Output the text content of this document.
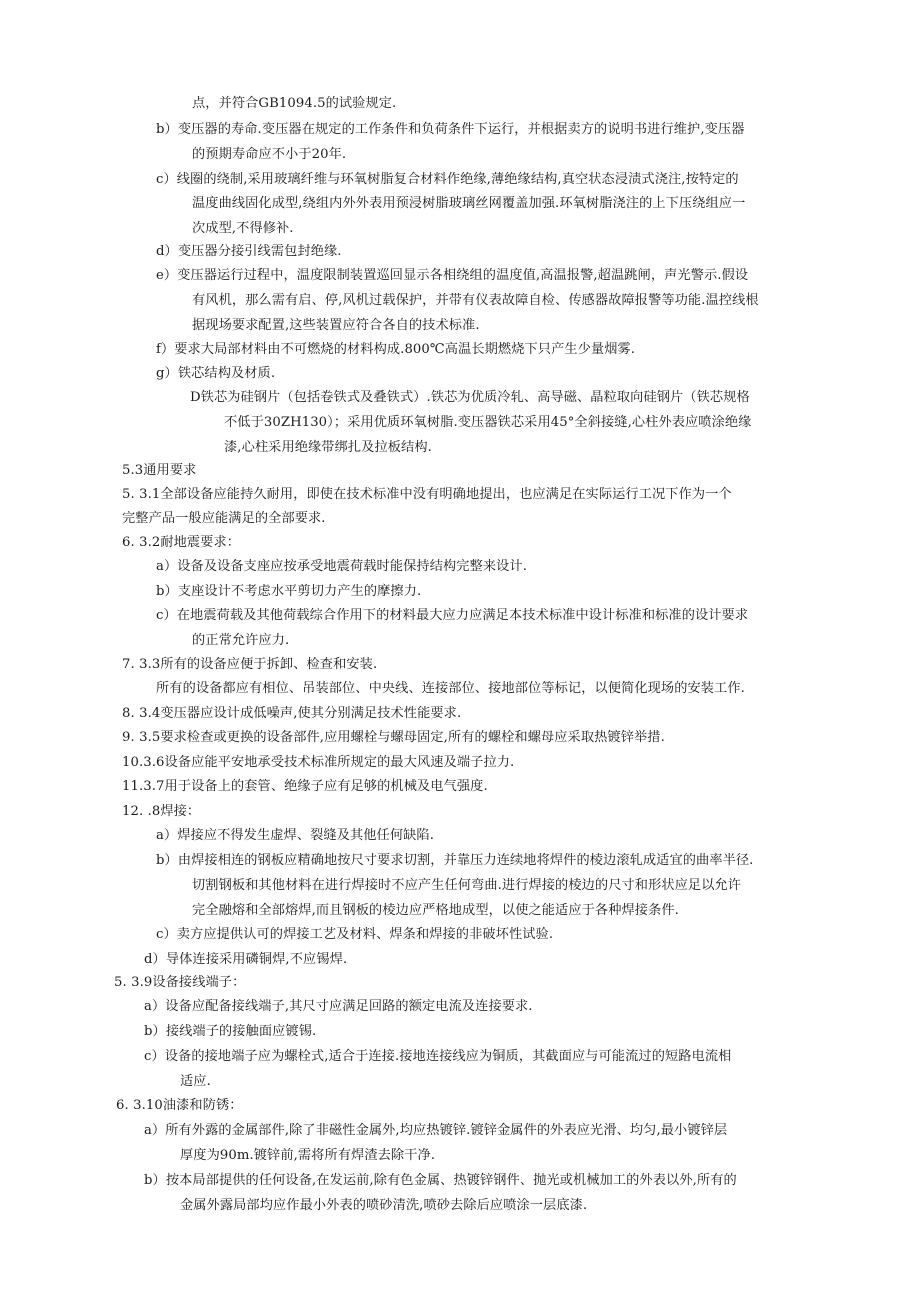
点，并符合GB1094.5的试验规定.
b）变压器的寿命.变压器在规定的工作条件和负荷条件下运行，并根据卖方的说明书进行维护,变压器
的预期寿命应不小于20年.
c）线圈的绕制,采用玻璃纤维与环氧树脂复合材料作绝缘,薄绝缘结构,真空状态浸渍式浇注,按特定的
温度曲线固化成型,绕组内外外表用预浸树脂玻璃丝网覆盖加强.环氧树脂浇注的上下压绕组应一
次成型,不得修补.
d）变压器分接引线需包封绝缘.
e）变压器运行过程中，温度限制装置巡回显示各相绕组的温度值,高温报警,超温跳闸，声光警示.假设
有风机，那么需有启、停,风机过载保护，并带有仪表故障自检、传感器故障报警等功能.温控线根
据现场要求配置,这些装置应符合各自的技术标准.
f）要求大局部材料由不可燃烧的材料构成.800℃高温长期燃烧下只产生少量烟雾.
g）铁芯结构及材质.
D铁芯为硅钢片（包括卷铁式及叠铁式）.铁芯为优质冷轧、高导磁、晶粒取向硅钢片（铁芯规格
不低于30ZH130）；采用优质环氧树脂.变压器铁芯采用45°全斜接缝,心柱外表应喷涂绝缘
漆,心柱采用绝缘带绑扎及拉板结构.
5.3通用要求
5. 3.1全部设备应能持久耐用，即使在技术标准中没有明确地提出，也应满足在实际运行工况下作为一个
完整产品一般应能满足的全部要求.
6. 3.2耐地震要求：
a）设备及设备支座应按承受地震荷载时能保持结构完整来设计.
b）支座设计不考虑水平剪切力产生的摩擦力.
c）在地震荷载及其他荷载综合作用下的材料最大应力应满足本技术标准中设计标准和标准的设计要求
的正常允许应力.
7. 3.3所有的设备应便于拆卸、检查和安装.
所有的设备都应有相位、吊装部位、中央线、连接部位、接地部位等标记，以便简化现场的安装工作.
8. 3.4变压器应设计成低噪声,使其分别满足技术性能要求.
9. 3.5要求检查或更换的设备部件,应用螺栓与螺母固定,所有的螺栓和螺母应采取热镀锌举措.
10.3.6设备应能平安地承受技术标准所规定的最大风速及端子拉力.
11.3.7用于设备上的套管、绝缘子应有足够的机械及电气强度.
12. .8焊接：
a）焊接应不得发生虚焊、裂缝及其他任何缺陷.
b）由焊接相连的钢板应精确地按尺寸要求切割，并靠压力连续地将焊件的棱边滚轧成适宜的曲率半径.
切割钢板和其他材料在进行焊接时不应产生任何弯曲.进行焊接的棱边的尺寸和形状应足以允许
完全融熔和全部熔焊,而且钢板的棱边应严格地成型，以使之能适应于各种焊接条件.
c）卖方应提供认可的焊接工艺及材料、焊条和焊接的非破坏性试验.
d）导体连接采用磷铜焊,不应锡焊.
5. 3.9设备接线端子：
a）设备应配备接线端子,其尺寸应满足回路的额定电流及连接要求.
b）接线端子的接触面应镀锡.
c）设备的接地端子应为螺栓式,适合于连接.接地连接线应为铜质，其截面应与可能流过的短路电流相
适应.
6. 3.10油漆和防锈：
a）所有外露的金属部件,除了非磁性金属外,均应热镀锌.镀锌金属件的外表应光滑、均匀,最小镀锌层
厚度为90m.镀锌前,需将所有焊渣去除干净.
b）按本局部提供的任何设备,在发运前,除有色金属、热镀锌钢件、抛光或机械加工的外表以外,所有的
金属外露局部均应作最小外表的喷砂清洗,喷砂去除后应喷涂一层底漆.
